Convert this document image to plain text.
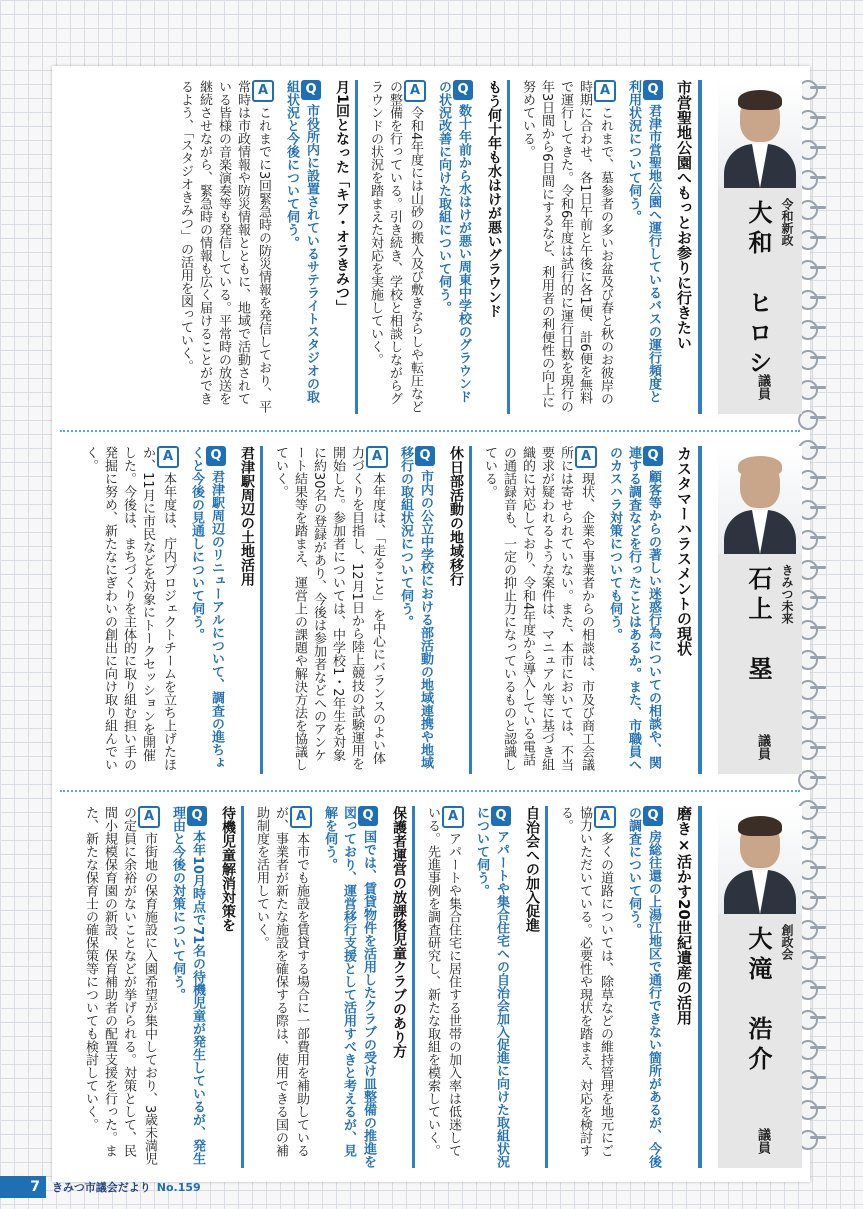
令和新政
大和　ヒロシ
議員
市営聖地公園へもっとお参りに行きたい
Q君津市営聖地公園へ運行しているバスの運行頻度と利用状況について伺う。
Aこれまで、墓参者の多いお盆及び春と秋のお彼岸の時期に合わせ、各1日午前と午後に各1便、計6便を無料で運行してきた。令和6年度は試行的に運行日数を現行の年3日間から6日間にするなど、利用者の利便性の向上に努めている。
もう何十年も水はけが悪いグラウンド
Q数十年前から水はけが悪い周東中学校のグラウンドの状況改善に向けた取組について伺う。
A令和4年度には山砂の搬入及び敷きならしや転圧などの整備を行っている。引き続き、学校と相談しながらグラウンドの状況を踏まえた対応を実施していく。
月1回となった「キア・オラきみつ」
Q市役所内に設置されているサテライトスタジオの取組状況と今後について伺う。
Aこれまでに3回緊急時の防災情報を発信しており、平常時は市政情報や防災情報とともに、地域で活動されている皆様の音楽演奏等も発信している。平常時の放送を継続させながら、緊急時の情報も広く届けることができるよう、「スタジオきみつ」の活用を図っていく。
きみつ未来
石上　塁
議員
カスタマーハラスメントの現状
Q顧客等からの著しい迷惑行為についての相談や、関連する調査などを行ったことはあるか。また、市職員へのカスハラ対策についても伺う。
A現状、企業や事業者からの相談は、市及び商工会議所には寄せられていない。また、本市においては、不当要求が疑われるような案件は、マニュアル等に基づき組織的に対応しており、令和4年度から導入している電話の通話録音も、一定の抑止力になっているものと認識している。
休日部活動の地域移行
Q市内の公立中学校における部活動の地域連携や地域移行の取組状況について伺う。
A本年度は、「走ること」を中心にバランスのよい体力づくりを目指し、12月1日から陸上競技の試験運用を開始した。参加者については、中学校1・2年生を対象に約30名の登録があり、今後は参加者などへのアンケート結果等を踏まえ、運営上の課題や解決方法を協議していく。
君津駅周辺の土地活用
Q君津駅周辺のリニューアルについて、調査の進ちょくと今後の見通しについて伺う。
A本年度は、庁内プロジェクトチームを立ち上げたほか、11月に市民などを対象にトークセッションを開催した。今後は、まちづくりを主体的に取り組む担い手の発掘に努め、新たなにぎわいの創出に向け取り組んでいく。
創政会
大滝　浩介
議員
磨き×活かす20世紀遺産の活用
Q房総往還の上湯江地区で通行できない箇所があるが、今後の調査について伺う。
A多くの道路については、除草などの維持管理を地元にご協力いただいている。必要性や現状を踏まえ、対応を検討する。
自治会への加入促進
Qアパートや集合住宅への自治会加入促進に向けた取組状況について伺う。
Aアパートや集合住宅に居住する世帯の加入率は低迷している。先進事例を調査研究し、新たな取組を模索していく。
保護者運営の放課後児童クラブのあり方
Q国では、賃貸物件を活用したクラブの受け皿整備の推進を図っており、運営移行支援として活用すべきと考えるが、見解を伺う。
A本市でも施設を賃貸する場合に一部費用を補助しているが、事業者が新たな施設を確保する際は、使用できる国の補助制度を活用していく。
待機児童解消対策を
Q本年10月時点で71名の待機児童が発生しているが、発生理由と今後の対策について伺う。
A市街地の保育施設に入園希望が集中しており、3歳未満児の定員に余裕がないことなどが挙げられる。対策として、民間小規模保育園の新設、保育補助者の配置支援を行った。また、新たな保育士の確保策等についても検討していく。
7	きみつ市議会だより No.159
